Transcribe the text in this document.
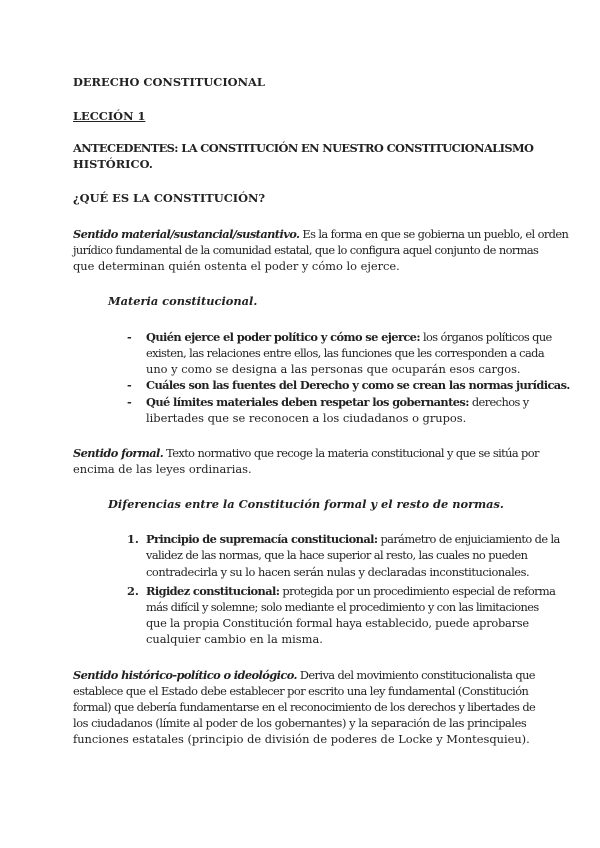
DERECHO CONSTITUCIONAL
LECCIÓN 1
ANTECEDENTES: LA CONSTITUCIÓN EN NUESTRO CONSTITUCIONALISMO
HISTÓRICO.
¿QUÉ ES LA CONSTITUCIÓN?
Sentido material/sustancial/sustantivo. Es la forma en que se gobierna un pueblo, el orden
jurídico fundamental de la comunidad estatal, que lo configura aquel conjunto de normas
que determinan quién ostenta el poder y cómo lo ejerce.
Materia constitucional.
- Quién ejerce el poder político y cómo se ejerce: los órganos políticos que
existen, las relaciones entre ellos, las funciones que les corresponden a cada
uno y como se designa a las personas que ocuparán esos cargos.
- Cuáles son las fuentes del Derecho y como se crean las normas jurídicas.
- Qué límites materiales deben respetar los gobernantes: derechos y
libertades que se reconocen a los ciudadanos o grupos.
Sentido formal. Texto normativo que recoge la materia constitucional y que se sitúa por
encima de las leyes ordinarias.
Diferencias entre la Constitución formal y el resto de normas.
1. Principio de supremacía constitucional: parámetro de enjuiciamiento de la
validez de las normas, que la hace superior al resto, las cuales no pueden
contradecirla y su lo hacen serán nulas y declaradas inconstitucionales.
2. Rigidez constitucional: protegida por un procedimiento especial de reforma
más difícil y solemne; solo mediante el procedimiento y con las limitaciones
que la propia Constitución formal haya establecido, puede aprobarse
cualquier cambio en la misma.
Sentido histórico-político o ideológico. Deriva del movimiento constitucionalista que
establece que el Estado debe establecer por escrito una ley fundamental (Constitución
formal) que debería fundamentarse en el reconocimiento de los derechos y libertades de
los ciudadanos (límite al poder de los gobernantes) y la separación de las principales
funciones estatales (principio de división de poderes de Locke y Montesquieu).
